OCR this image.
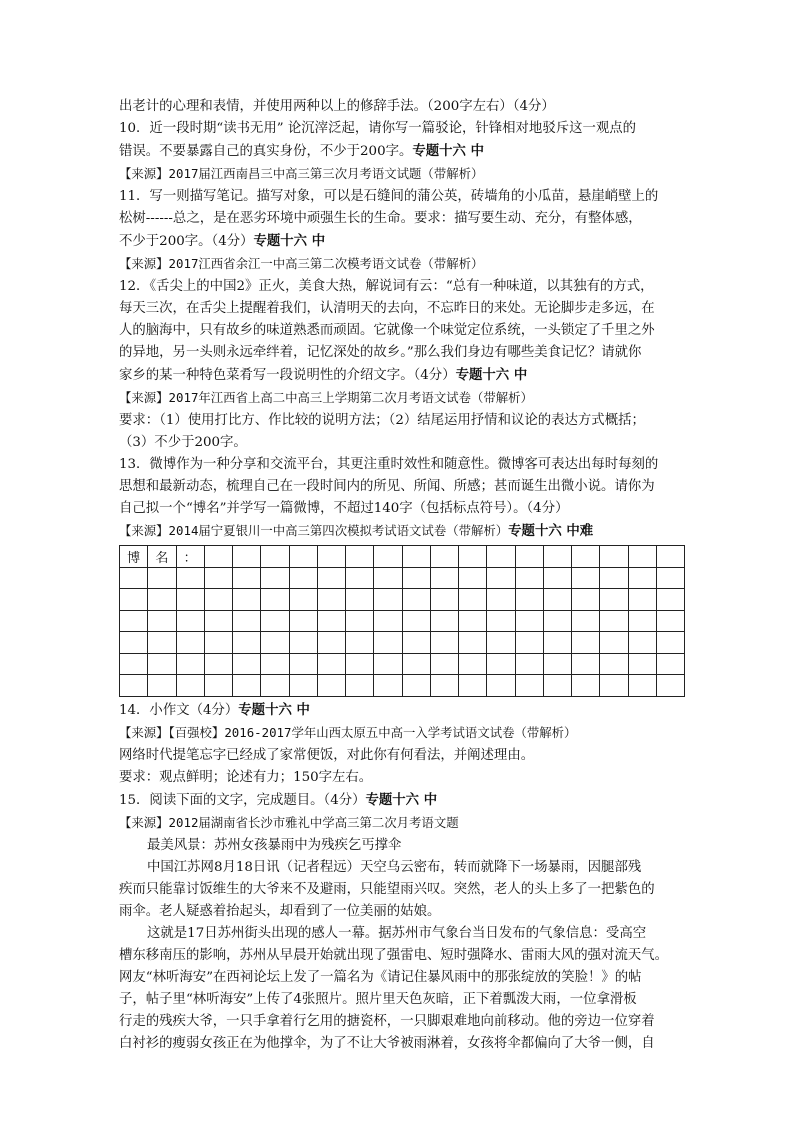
出老计的心理和表情，并使用两种以上的修辞手法。（200字左右）（4分）
10．近一段时期“读书无用” 论沉滓泛起，请你写一篇驳论，针锋相对地驳斥这一观点的
错误。不要暴露自己的真实身份，不少于200字。专题十六 中
【来源】2017届江西南昌三中高三第三次月考语文试题（带解析）
11．写一则描写笔记。描写对象，可以是石缝间的蒲公英，砖墙角的小瓜苗，悬崖峭壁上的
松树------总之，是在恶劣环境中顽强生长的生命。要求：描写要生动、充分，有整体感，
不少于200字。（4分）专题十六 中
【来源】2017江西省余江一中高三第二次模考语文试卷（带解析）
12．《舌尖上的中国2》正火，美食大热，解说词有云：“总有一种味道，以其独有的方式，
每天三次，在舌尖上提醒着我们，认清明天的去向，不忘昨日的来处。无论脚步走多远，在
人的脑海中，只有故乡的味道熟悉而顽固。它就像一个味觉定位系统，一头锁定了千里之外
的异地，另一头则永远牵绊着，记忆深处的故乡。”那么我们身边有哪些美食记忆？请就你
家乡的某一种特色菜肴写一段说明性的介绍文字。（4分）专题十六 中
【来源】2017年江西省上高二中高三上学期第二次月考语文试卷（带解析）
要求：（1）使用打比方、作比较的说明方法；（2）结尾运用抒情和议论的表达方式概括；
（3）不少于200字。
13．微博作为一种分享和交流平台，其更注重时效性和随意性。微博客可表达出每时每刻的
思想和最新动态，梳理自己在一段时间内的所见、所闻、所感；甚而诞生出微小说。请你为
自己拟一个“博名”并学写一篇微博，不超过140字（包括标点符号）。（4分）
【来源】2014届宁夏银川一中高三第四次模拟考试语文试卷（带解析）专题十六 中难
博	名	：																	

14．小作文（4分）专题十六 中
【来源】【百强校】2016-2017学年山西太原五中高一入学考试语文试卷（带解析）
网络时代提笔忘字已经成了家常便饭，对此你有何看法，并阐述理由。
要求：观点鲜明；论述有力；150字左右。
15．阅读下面的文字，完成题目。（4分）专题十六 中
【来源】2012届湖南省长沙市雅礼中学高三第二次月考语文题
最美风景：苏州女孩暴雨中为残疾乞丐撑伞
中国江苏网8月18日讯（记者程远）天空乌云密布，转而就降下一场暴雨，因腿部残
疾而只能靠讨饭维生的大爷来不及避雨，只能望雨兴叹。突然，老人的头上多了一把紫色的
雨伞。老人疑惑着抬起头，却看到了一位美丽的姑娘。
这就是17日苏州街头出现的感人一幕。据苏州市气象台当日发布的气象信息：受高空
槽东移南压的影响，苏州从早晨开始就出现了强雷电、短时强降水、雷雨大风的强对流天气。
网友“林听海安”在西祠论坛上发了一篇名为《请记住暴风雨中的那张绽放的笑脸！》的帖
子，帖子里“林听海安”上传了4张照片。照片里天色灰暗，正下着瓢泼大雨，一位拿滑板
行走的残疾大爷，一只手拿着行乞用的搪瓷杯，一只脚艰难地向前移动。他的旁边一位穿着
白衬衫的瘦弱女孩正在为他撑伞，为了不让大爷被雨淋着，女孩将伞都偏向了大爷一侧，自
